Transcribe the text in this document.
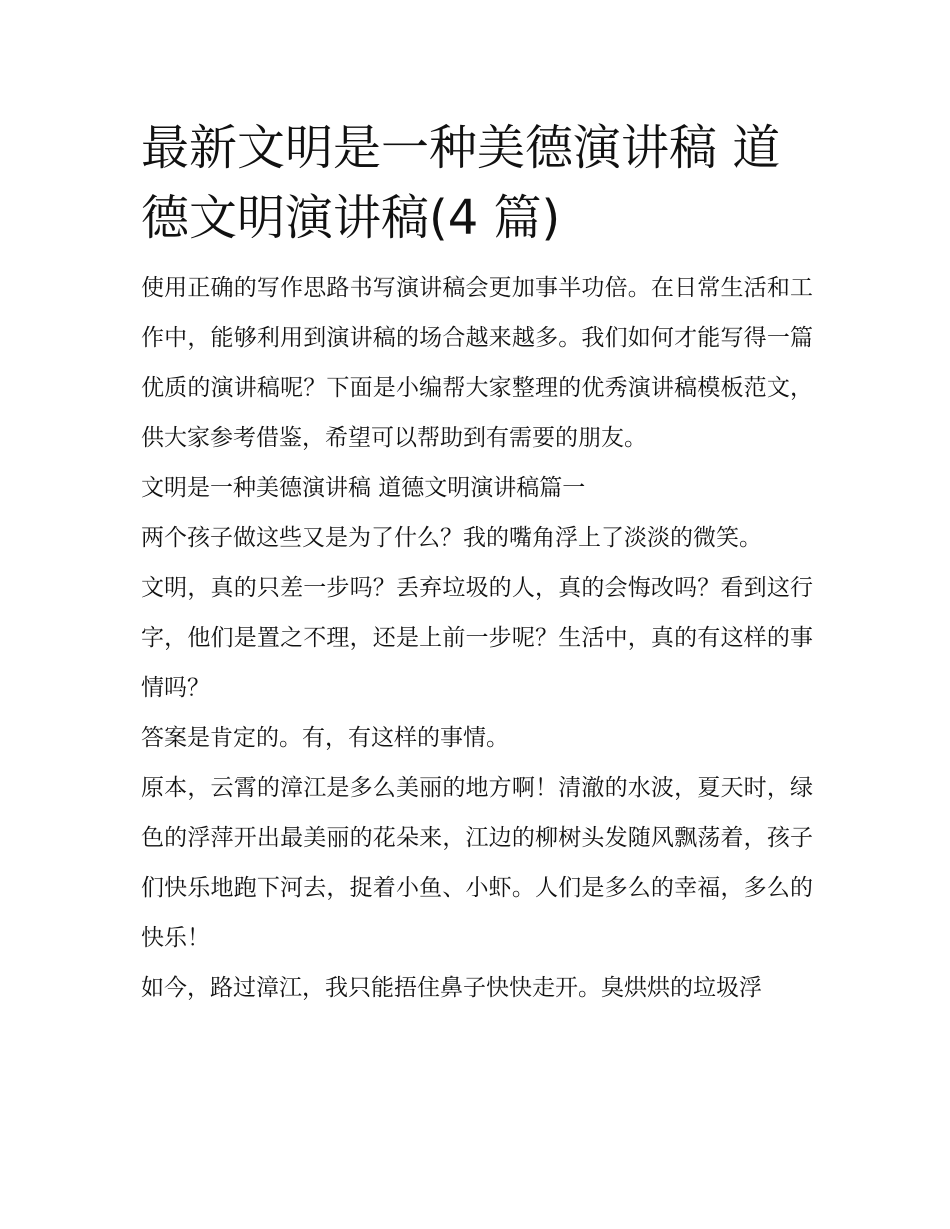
最新文明是一种美德演讲稿 道德文明演讲稿(4 篇)

使用正确的写作思路书写演讲稿会更加事半功倍。在日常生活和工作中，能够利用到演讲稿的场合越来越多。我们如何才能写得一篇优质的演讲稿呢？下面是小编帮大家整理的优秀演讲稿模板范文，供大家参考借鉴，希望可以帮助到有需要的朋友。

文明是一种美德演讲稿 道德文明演讲稿篇一

两个孩子做这些又是为了什么？我的嘴角浮上了淡淡的微笑。

文明，真的只差一步吗？丢弃垃圾的人，真的会悔改吗？看到这行字，他们是置之不理，还是上前一步呢？生活中，真的有这样的事情吗？

答案是肯定的。有，有这样的事情。

原本，云霄的漳江是多么美丽的地方啊！清澈的水波，夏天时，绿色的浮萍开出最美丽的花朵来，江边的柳树头发随风飘荡着，孩子们快乐地跑下河去，捉着小鱼、小虾。人们是多么的幸福，多么的快乐！

如今，路过漳江，我只能捂住鼻子快快走开。臭烘烘的垃圾浮
